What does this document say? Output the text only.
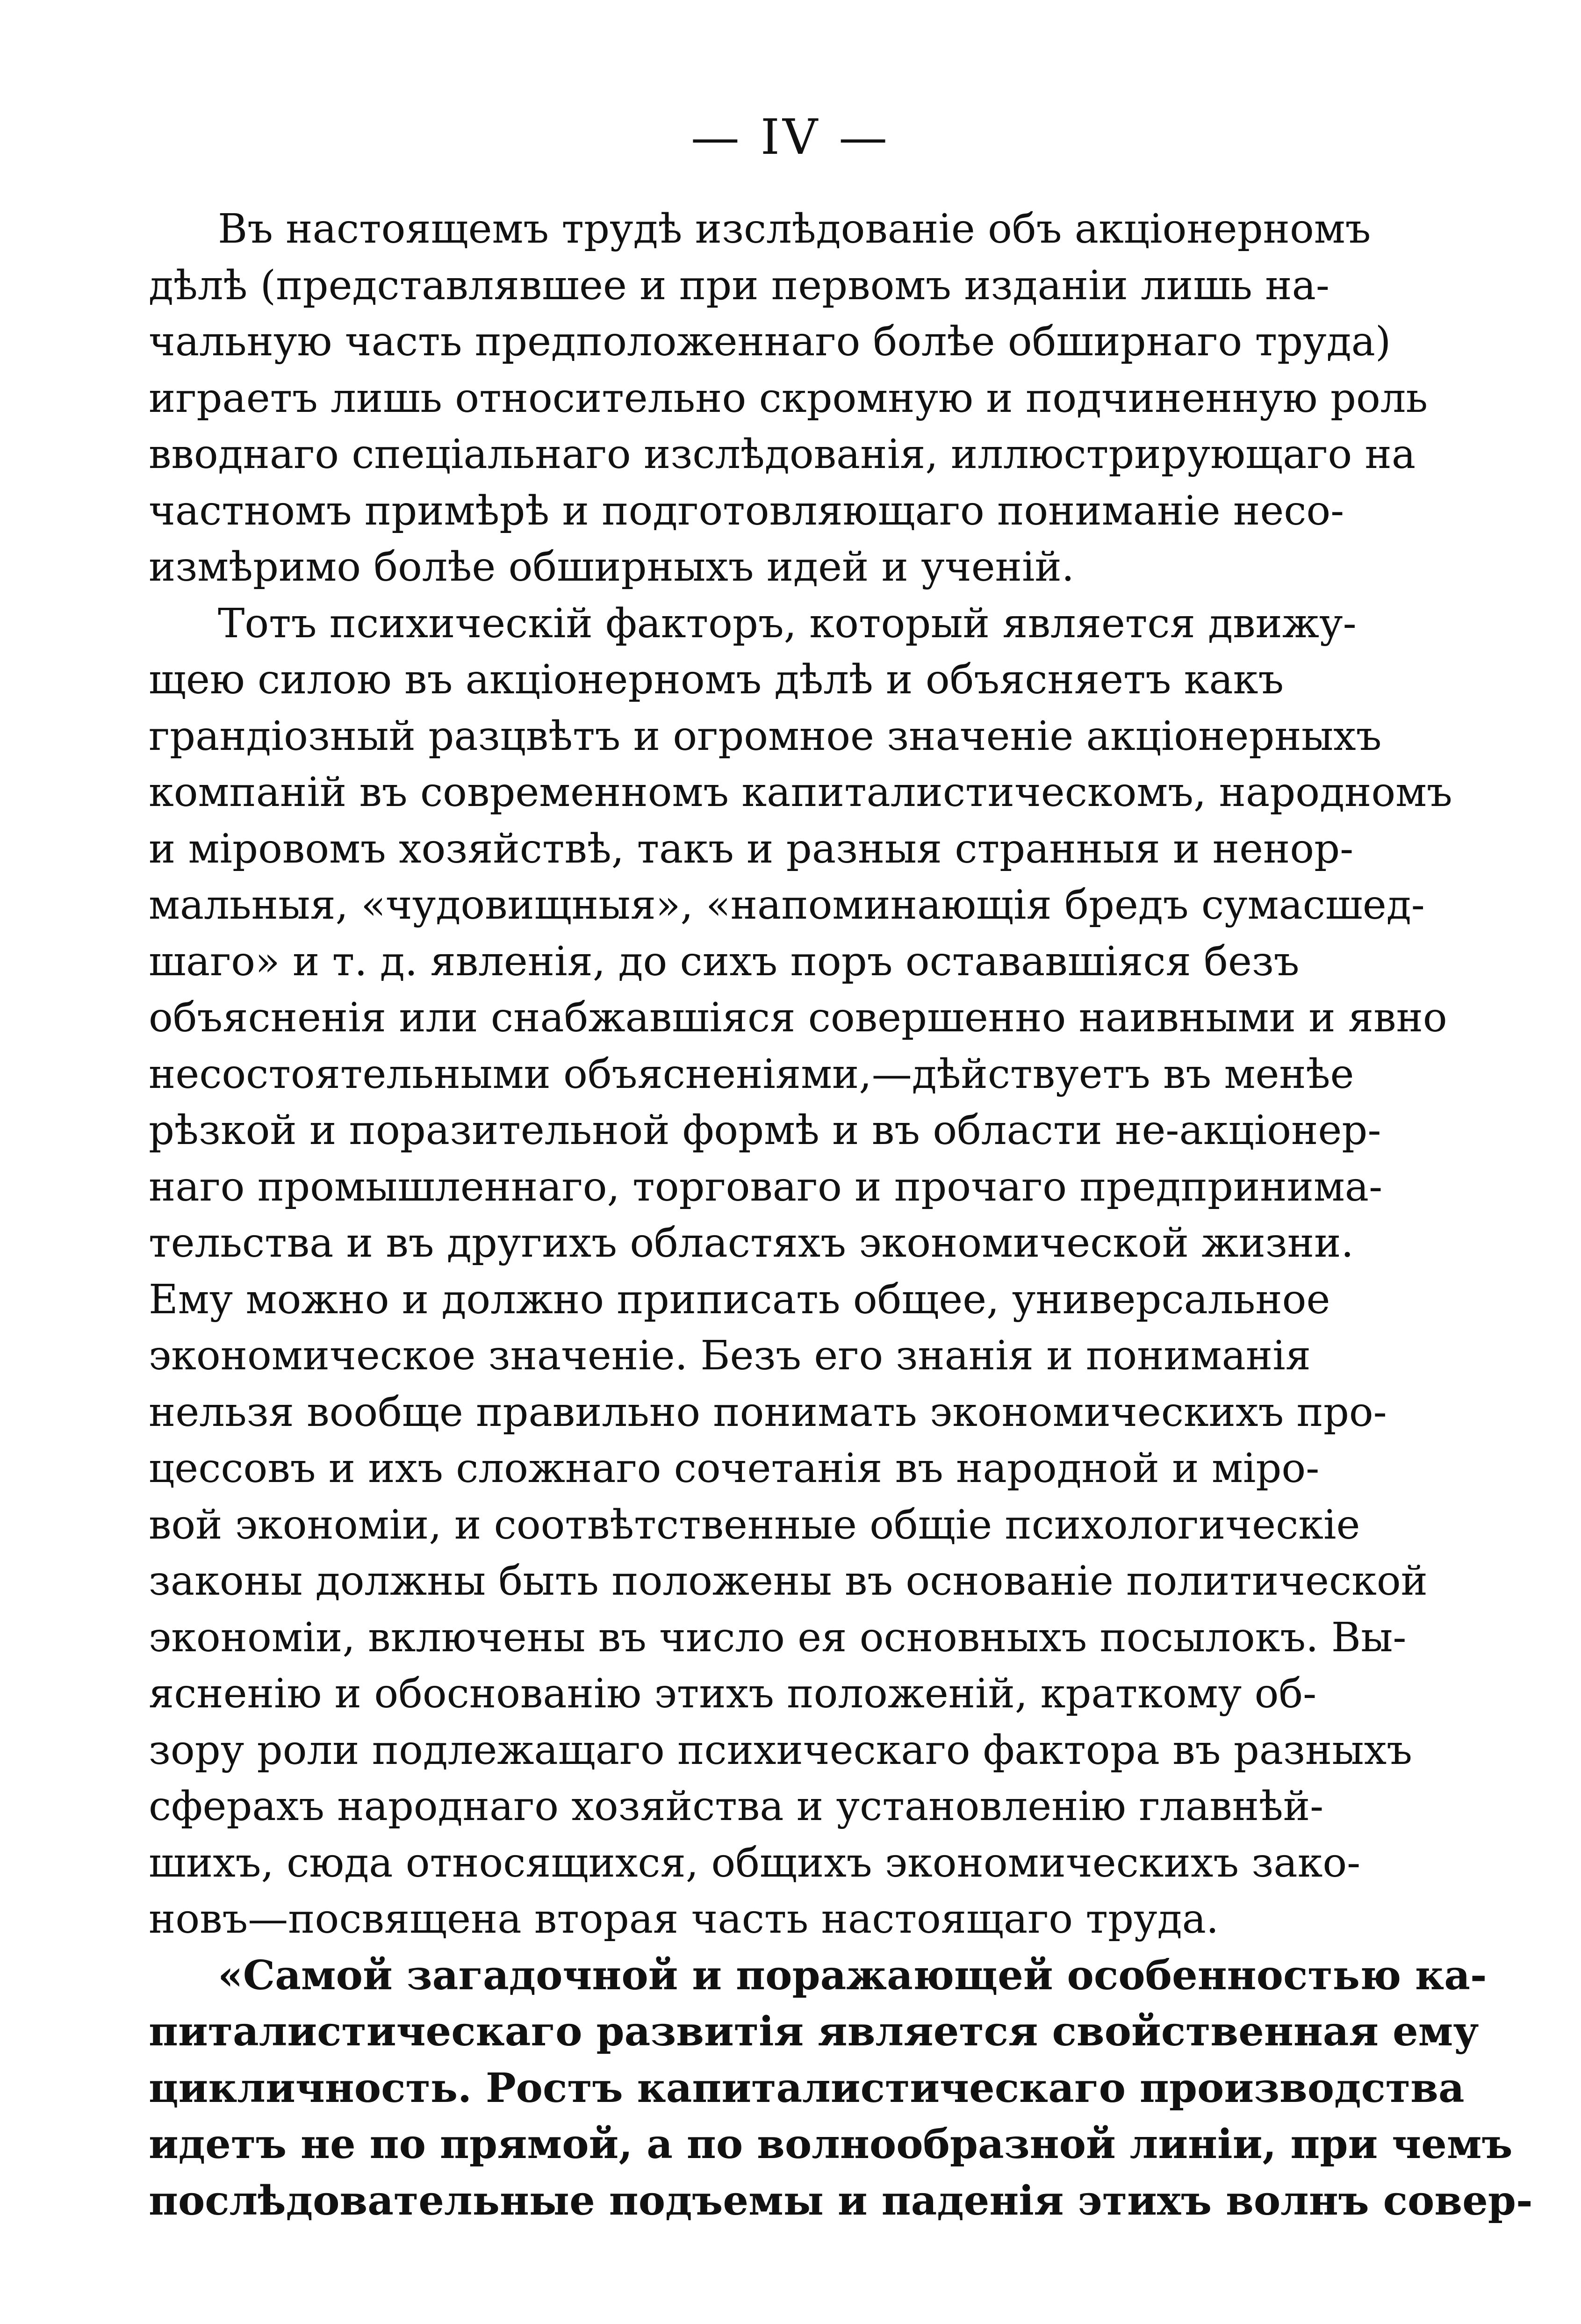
— IV —
Въ настоящемъ трудѣ изслѣдованіе объ акціонерномъ
дѣлѣ (представлявшее и при первомъ изданіи лишь на-
чальную часть предположеннаго болѣе обширнаго труда)
играетъ лишь относительно скромную и подчиненную роль
вводнаго спеціальнаго изслѣдованія, иллюстрирующаго на
частномъ примѣрѣ и подготовляющаго пониманіе несо-
измѣримо болѣе обширныхъ идей и ученій.
Тотъ психическій факторъ, который является движу-
щею силою въ акціонерномъ дѣлѣ и объясняетъ какъ
грандіозный разцвѣтъ и огромное значеніе акціонерныхъ
компаній въ современномъ капиталистическомъ, народномъ
и міровомъ хозяйствѣ, такъ и разныя странныя и ненор-
мальныя, «чудовищныя», «напоминающія бредъ сумасшед-
шаго» и т. д. явленія, до сихъ поръ остававшіяся безъ
объясненія или снабжавшіяся совершенно наивными и явно
несостоятельными объясненіями,—дѣйствуетъ въ менѣе
рѣзкой и поразительной формѣ и въ области не-акціонер-
наго промышленнаго, торговаго и прочаго предпринима-
тельства и въ другихъ областяхъ экономической жизни.
Ему можно и должно приписать общее, универсальное
экономическое значеніе. Безъ его знанія и пониманія
нельзя вообще правильно понимать экономическихъ про-
цессовъ и ихъ сложнаго сочетанія въ народной и міро-
вой экономіи, и соотвѣтственные общіе психологическіе
законы должны быть положены въ основаніе политической
экономіи, включены въ число ея основныхъ посылокъ. Вы-
ясненію и обоснованію этихъ положеній, краткому об-
зору роли подлежащаго психическаго фактора въ разныхъ
сферахъ народнаго хозяйства и установленію главнѣй-
шихъ, сюда относящихся, общихъ экономическихъ зако-
новъ—посвящена вторая часть настоящаго труда.
«Самой загадочной и поражающей особенностью ка-
питалистическаго развитія является свойственная ему
цикличность. Ростъ капиталистическаго производства
идетъ не по прямой, а по волнообразной линіи, при чемъ
послѣдовательные подъемы и паденія этихъ волнъ совер-
